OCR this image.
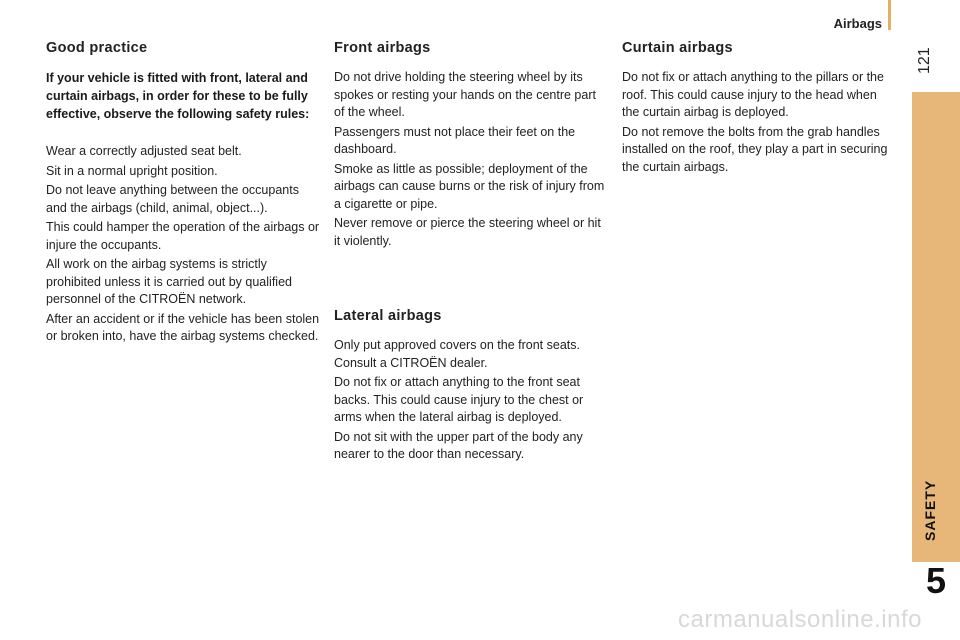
Airbags
121
SAFETY
5
carmanualsonline.info
Good practice

If your vehicle is fitted with front, lateral and curtain airbags, in order for these to be fully effective, observe the following safety rules:

Wear a correctly adjusted seat belt.

Sit in a normal upright position.

Do not leave anything between the occupants and the airbags (child, animal, object...).

This could hamper the operation of the airbags or injure the occupants.

All work on the airbag systems is strictly prohibited unless it is carried out by qualified personnel of the CITROËN network.

After an accident or if the vehicle has been stolen or broken into, have the airbag systems checked.

Front airbags

Do not drive holding the steering wheel by its spokes or resting your hands on the centre part of the wheel.

Passengers must not place their feet on the dashboard.

Smoke as little as possible; deployment of the airbags can cause burns or the risk of injury from a cigarette or pipe.

Never remove or pierce the steering wheel or hit it violently.

Lateral airbags

Only put approved covers on the front seats. Consult a CITROËN dealer.

Do not fix or attach anything to the front seat backs. This could cause injury to the chest or arms when the lateral airbag is deployed.

Do not sit with the upper part of the body any nearer to the door than necessary.

Curtain airbags

Do not fix or attach anything to the pillars or the roof. This could cause injury to the head when the curtain airbag is deployed.

Do not remove the bolts from the grab handles installed on the roof, they play a part in securing the curtain airbags.
